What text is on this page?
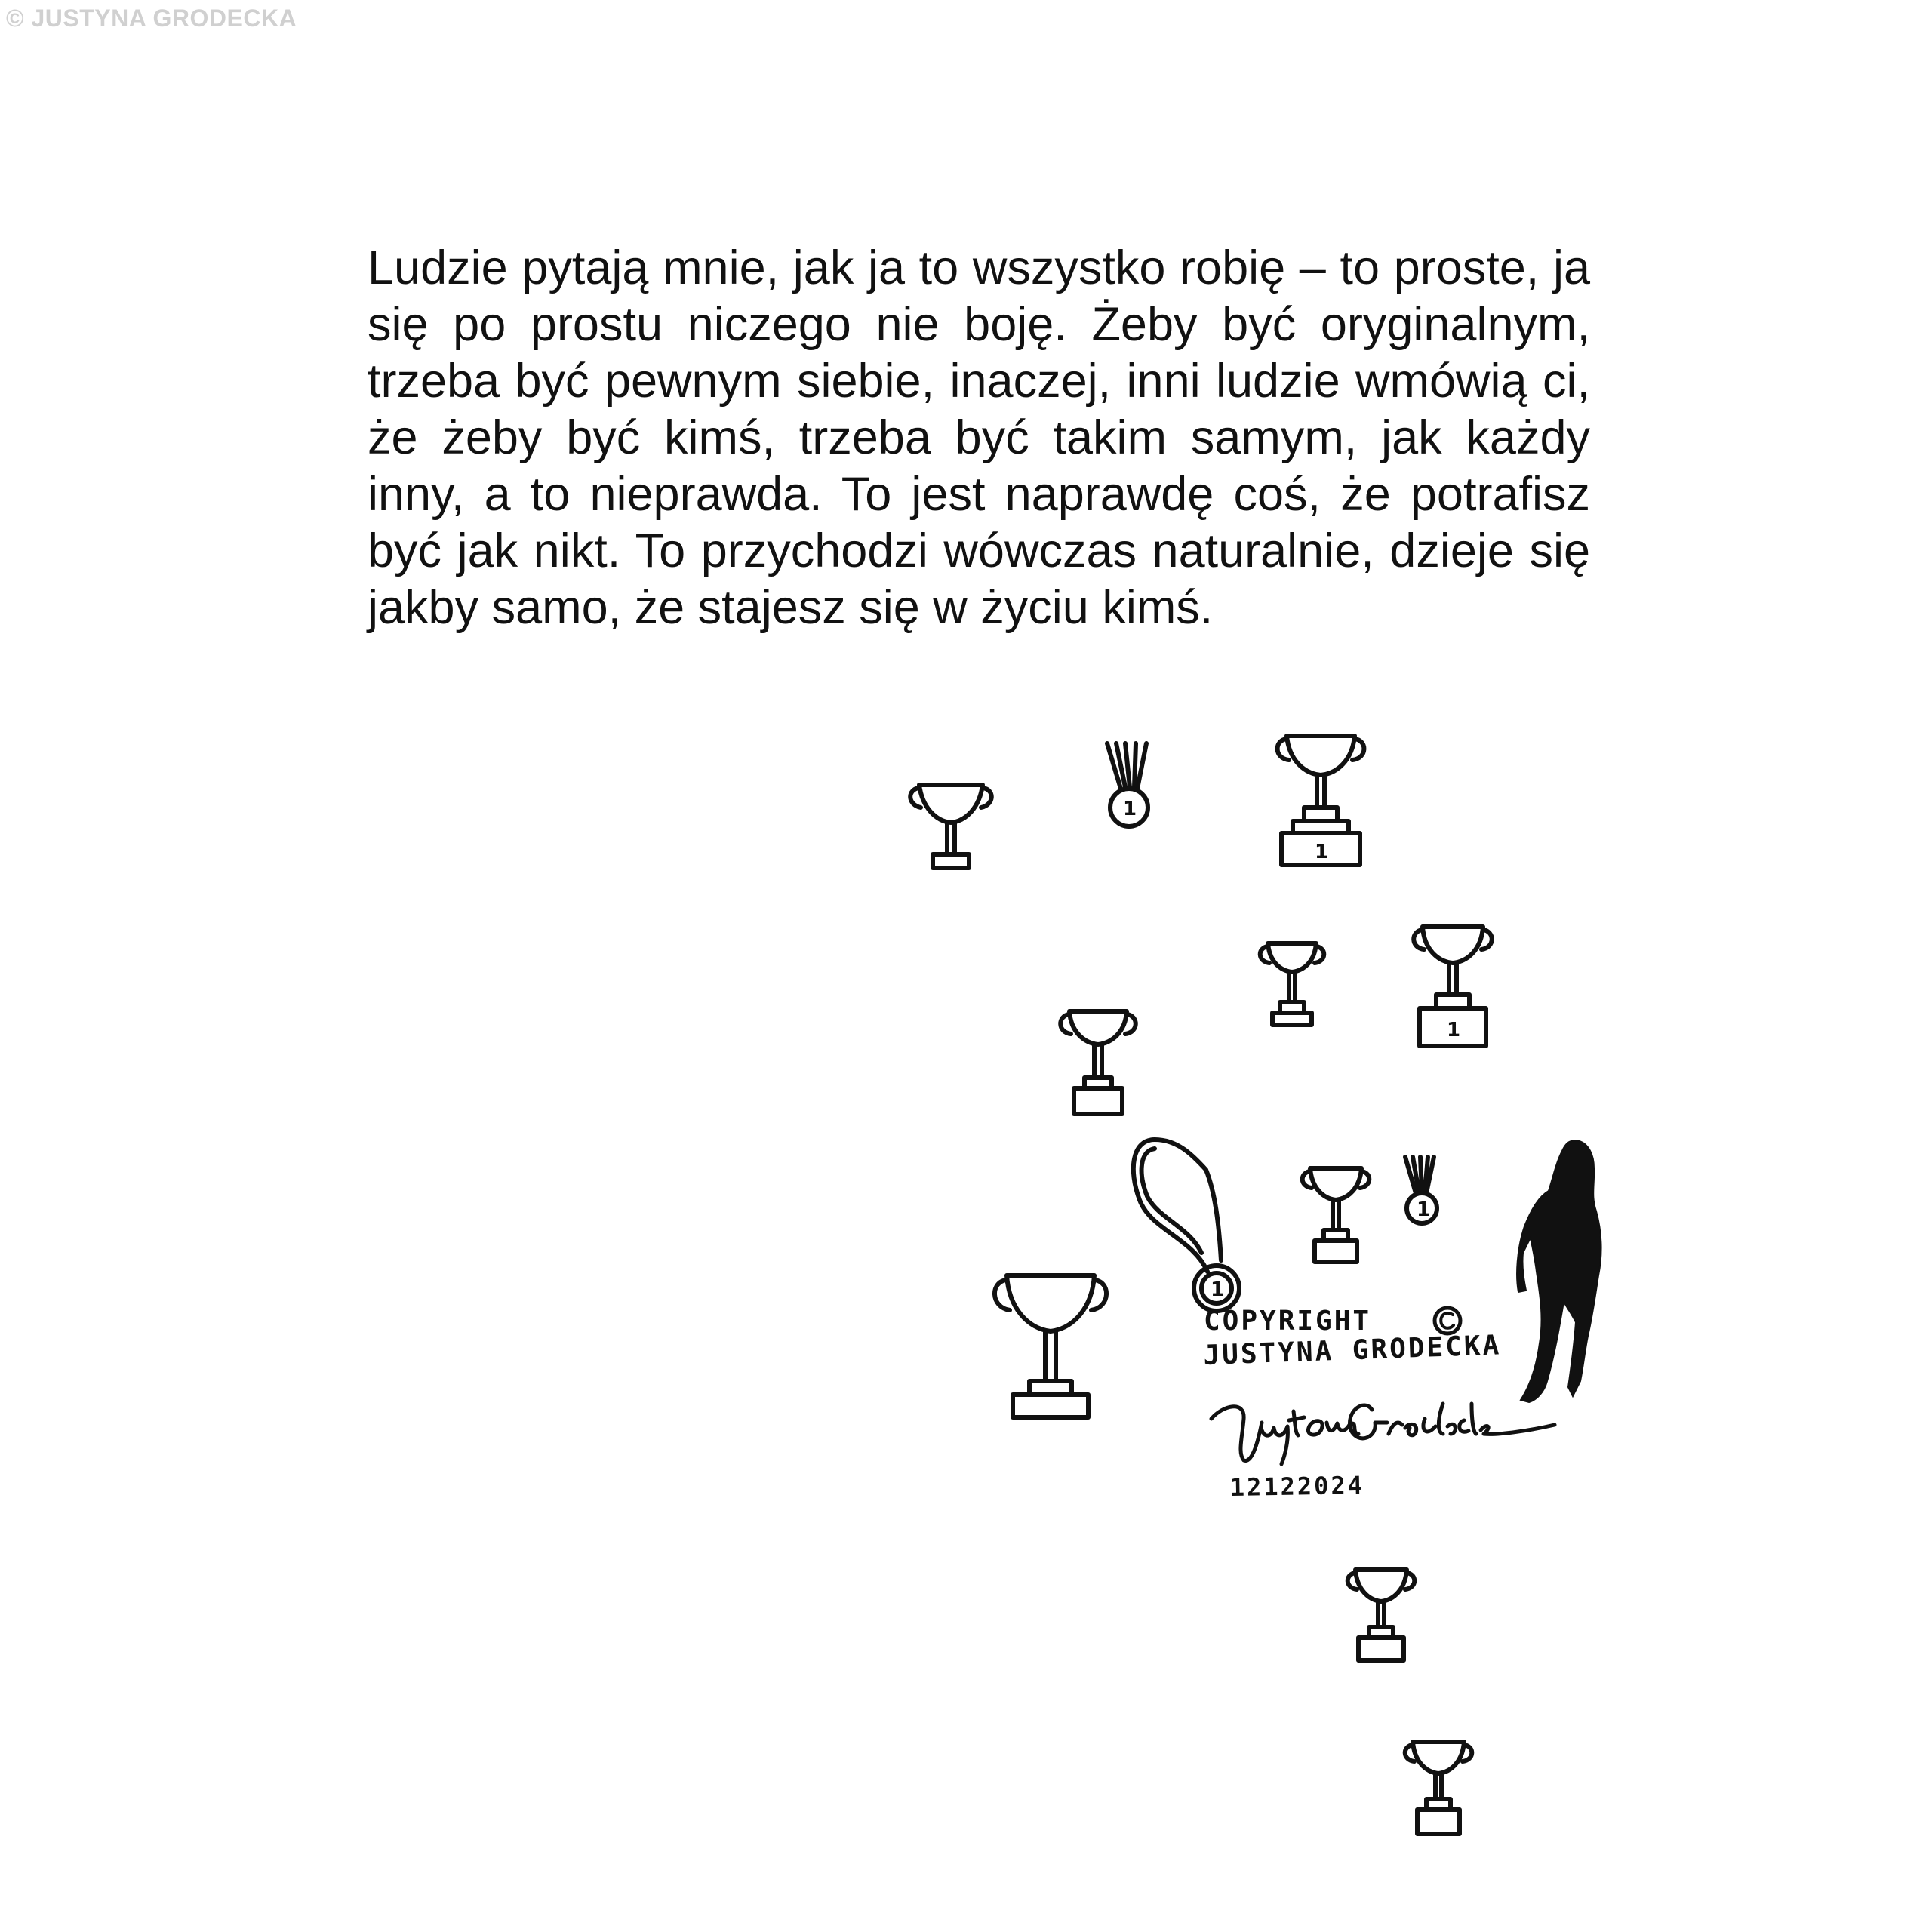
© JUSTYNA GRODECKA

Ludzie pytają mnie, jak ja to wszystko robię – to proste, ja się po prostu niczego nie boję. Żeby być oryginalnym, trzeba być pewnym siebie, inaczej, inni ludzie wmówią ci, że żeby być kimś, trzeba być takim samym, jak każdy inny, a to nieprawda. To jest naprawdę coś, że potrafisz być jak nikt. To przychodzi wówczas naturalnie, dzieje się jakby samo, że stajesz się w życiu kimś.

1
1
1
1
1
COPYRIGHT
JUSTYNA GRODECKA
12122024
